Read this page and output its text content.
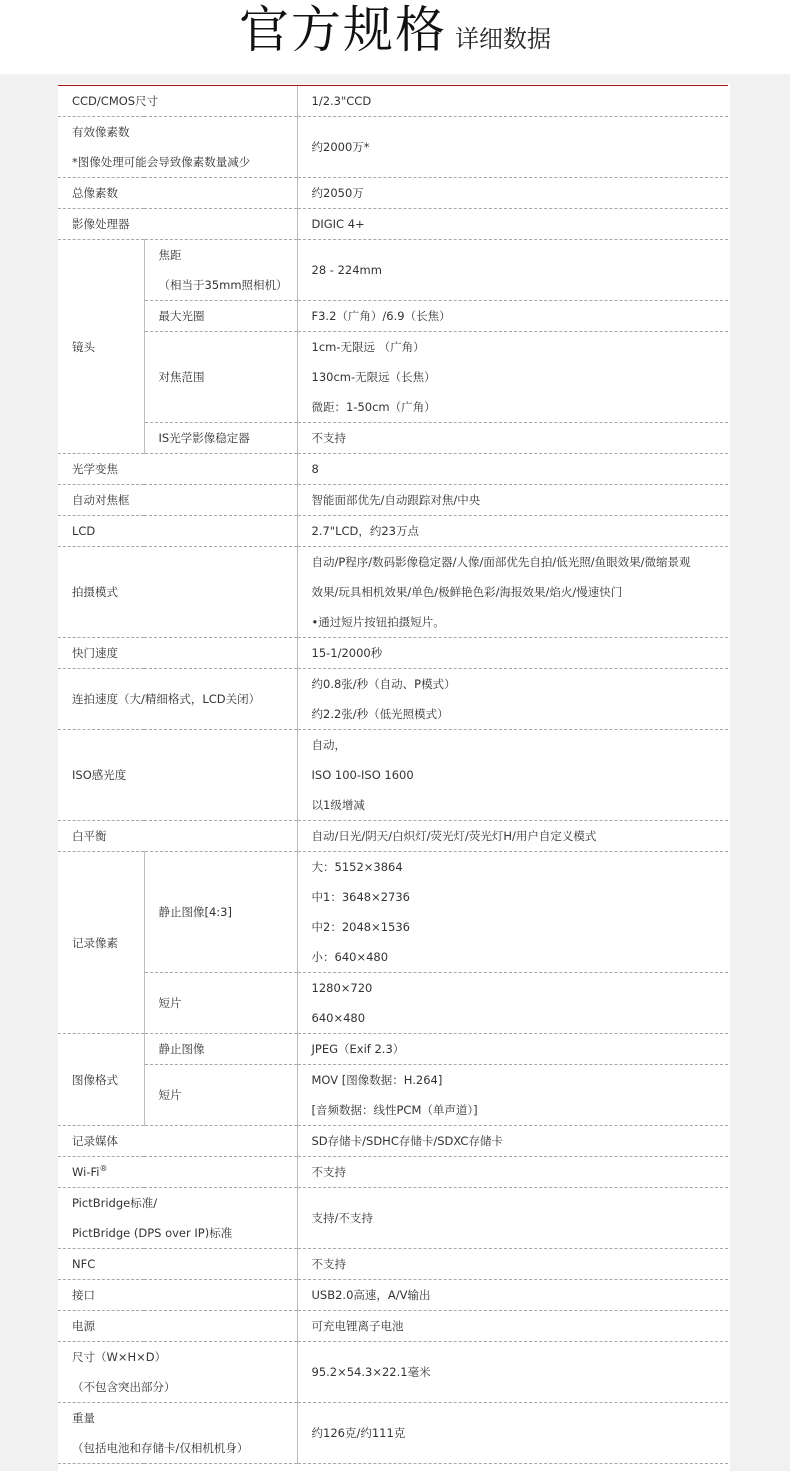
官方规格 详细数据
CCD/CMOS尺寸		1/2.3"CCD

有效像素数
*图像处理可能会导致像素数量减少		约2000万*

总像素数		约2050万

影像处理器		DIGIC 4+

镜头	焦距
（相当于35mm照相机）	28 - 224mm

	最大光圈	F3.2（广角）/6.9（长焦）

	对焦范围	1cm-无限远 （广角）
130cm-无限远（长焦）
微距：1-50cm（广角）

	IS光学影像稳定器	不支持

光学变焦		8

自动对焦框		智能面部优先/自动跟踪对焦/中央

LCD		2.7"LCD，约23万点

拍摄模式		自动/P程序/数码影像稳定器/人像/面部优先自拍/低光照/鱼眼效果/微缩景观
效果/玩具相机效果/单色/极鲜艳色彩/海报效果/焰火/慢速快门
•通过短片按钮拍摄短片。

快门速度		15-1/2000秒

连拍速度（大/精细格式，LCD关闭）		约0.8张/秒（自动、P模式）
约2.2张/秒（低光照模式）

ISO感光度		自动，
ISO 100-ISO 1600
以1级增减

白平衡		自动/日光/阴天/白炽灯/荧光灯/荧光灯H/用户自定义模式

记录像素	静止图像[4:3]	大：5152×3864
中1：3648×2736
中2：2048×1536
小：640×480

	短片	1280×720
640×480

图像格式	静止图像	JPEG（Exif 2.3）

	短片	MOV [图像数据：H.264]
[音频数据：线性PCM（单声道）]

记录媒体		SD存储卡/SDHC存储卡/SDXC存储卡

Wi-Fi®		不支持

PictBridge标准/
PictBridge (DPS over IP)标准		支持/不支持

NFC		不支持

接口		USB2.0高速，A/V输出

电源		可充电锂离子电池

尺寸（W×H×D）
（不包含突出部分）		95.2×54.3×22.1毫米

重量
（包括电池和存储卡/仅相机机身）		约126克/约111克
